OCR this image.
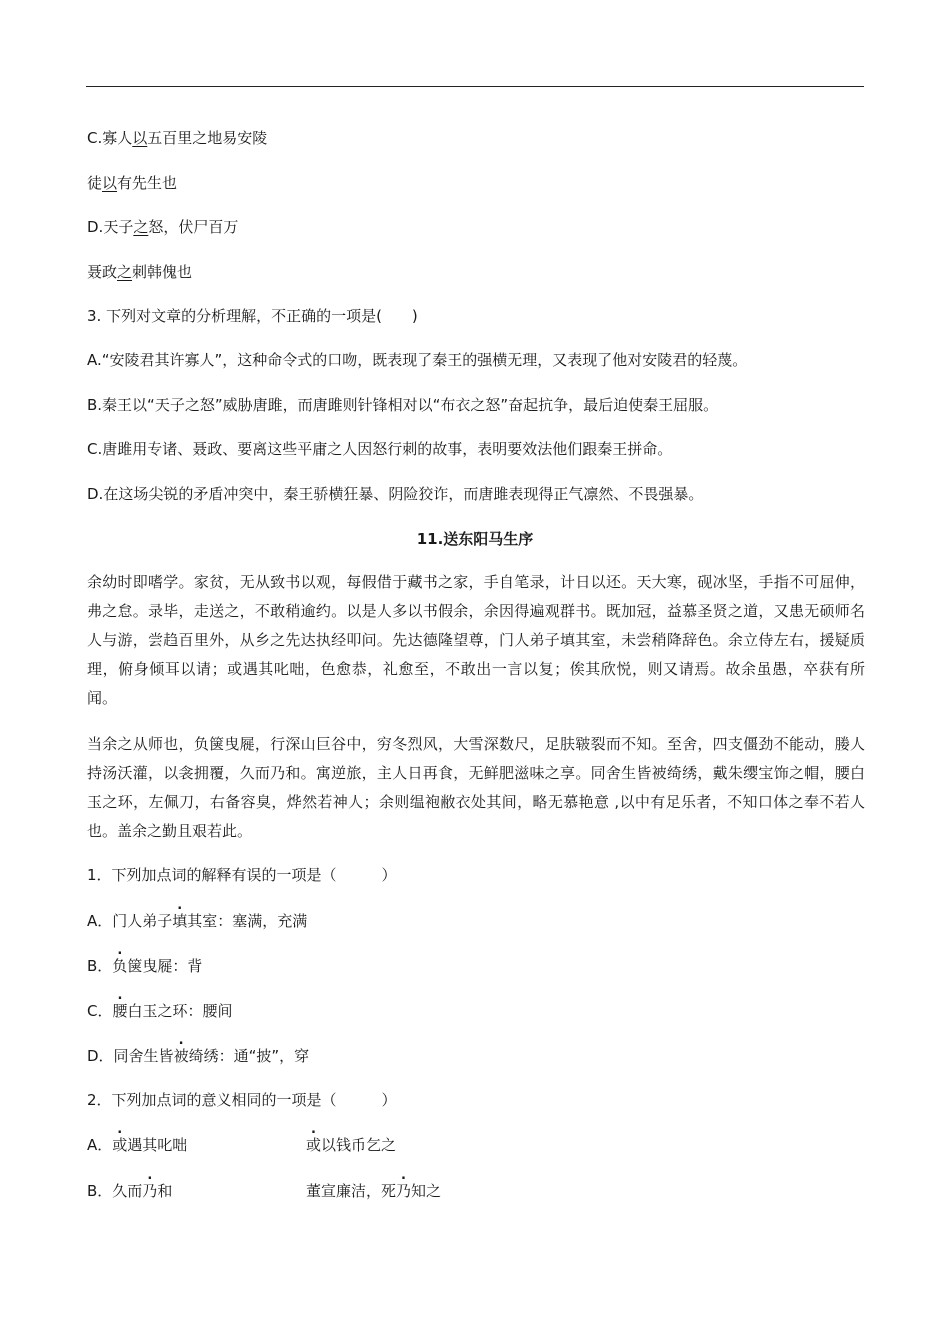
C.寡人以五百里之地易安陵
徒以有先生也
D.天子之怒，伏尸百万
聂政之刺韩傀也
3. 下列对文章的分析理解，不正确的一项是(　　)
A.“安陵君其许寡人”，这种命令式的口吻，既表现了秦王的强横无理，又表现了他对安陵君的轻蔑。
B.秦王以“天子之怒”威胁唐雎，而唐雎则针锋相对以“布衣之怒”奋起抗争，最后迫使秦王屈服。
C.唐雎用专诸、聂政、要离这些平庸之人因怒行刺的故事，表明要效法他们跟秦王拼命。
D.在这场尖锐的矛盾冲突中，秦王骄横狂暴、阴险狡诈，而唐雎表现得正气凛然、不畏强暴。
11.送东阳马生序
余幼时即嗜学。家贫，无从致书以观，每假借于藏书之家，手自笔录，计日以还。天大寒，砚冰坚，手指不可屈伸，弗之怠。录毕，走送之，不敢稍逾约。以是人多以书假余，余因得遍观群书。既加冠，益慕圣贤之道，又患无硕师名人与游，尝趋百里外，从乡之先达执经叩问。先达德隆望尊，门人弟子填其室，未尝稍降辞色。余立侍左右，援疑质理，俯身倾耳以请；或遇其叱咄，色愈恭，礼愈至，不敢出一言以复；俟其欣悦，则又请焉。故余虽愚，卒获有所闻。
当余之从师也，负箧曳屣，行深山巨谷中，穷冬烈风，大雪深数尺，足肤皲裂而不知。至舍，四支僵劲不能动，媵人持汤沃灌，以衾拥覆，久而乃和。寓逆旅，主人日再食，无鲜肥滋味之享。同舍生皆被绮绣，戴朱缨宝饰之帽，腰白玉之环，左佩刀，右备容臭，烨然若神人；余则缊袍敝衣处其间，略无慕艳意 ,以中有足乐者，不知口体之奉不若人也。盖余之勤且艰若此。
1．下列加点词的解释有误的一项是（　　　）
A．门人弟子填其室：塞满，充满
B．负箧曳屣：背
C．腰白玉之环：腰间
D．同舍生皆被绮绣：通“披”，穿
2．下列加点词的意义相同的一项是（　　　）
A．或遇其叱咄	或以钱币乞之
B．久而乃和	董宣廉洁，死乃知之
